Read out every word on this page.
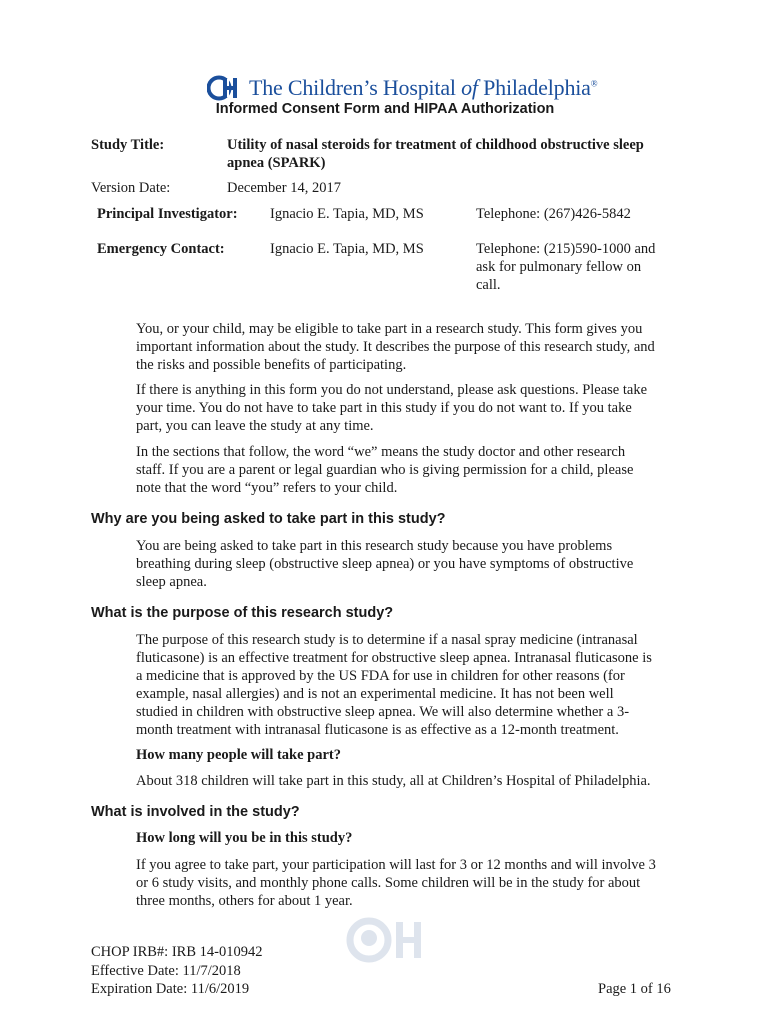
The Children’s Hospital of Philadelphia®
Informed Consent Form and HIPAA Authorization
Study Title:	Utility of nasal steroids for treatment of childhood obstructive sleep
apnea (SPARK)
Version Date:	December 14, 2017
Principal Investigator: Ignacio E. Tapia, MD, MS	Telephone: (267)426-5842
Emergency Contact:	Ignacio E. Tapia, MD, MS	Telephone: (215)590-1000 and
ask for pulmonary fellow on
call.
You, or your child, may be eligible to take part in a research study. This form gives you
important information about the study. It describes the purpose of this research study, and
the risks and possible benefits of participating.
If there is anything in this form you do not understand, please ask questions. Please take
your time. You do not have to take part in this study if you do not want to. If you take
part, you can leave the study at any time.
In the sections that follow, the word “we” means the study doctor and other research
staff. If you are a parent or legal guardian who is giving permission for a child, please
note that the word “you” refers to your child.
Why are you being asked to take part in this study?
You are being asked to take part in this research study because you have problems
breathing during sleep (obstructive sleep apnea) or you have symptoms of obstructive
sleep apnea.
What is the purpose of this research study?
The purpose of this research study is to determine if a nasal spray medicine (intranasal
fluticasone) is an effective treatment for obstructive sleep apnea. Intranasal fluticasone is
a medicine that is approved by the US FDA for use in children for other reasons (for
example, nasal allergies) and is not an experimental medicine. It has not been well
studied in children with obstructive sleep apnea. We will also determine whether a 3-
month treatment with intranasal fluticasone is as effective as a 12-month treatment.
How many people will take part?
About 318 children will take part in this study, all at Children’s Hospital of Philadelphia.
What is involved in the study?
How long will you be in this study?
If you agree to take part, your participation will last for 3 or 12 months and will involve 3
or 6 study visits, and monthly phone calls. Some children will be in the study for about
three months, others for about 1 year.
CHOP IRB#: IRB 14-010942
Effective Date: 11/7/2018
Expiration Date: 11/6/2019	Page 1 of 16
